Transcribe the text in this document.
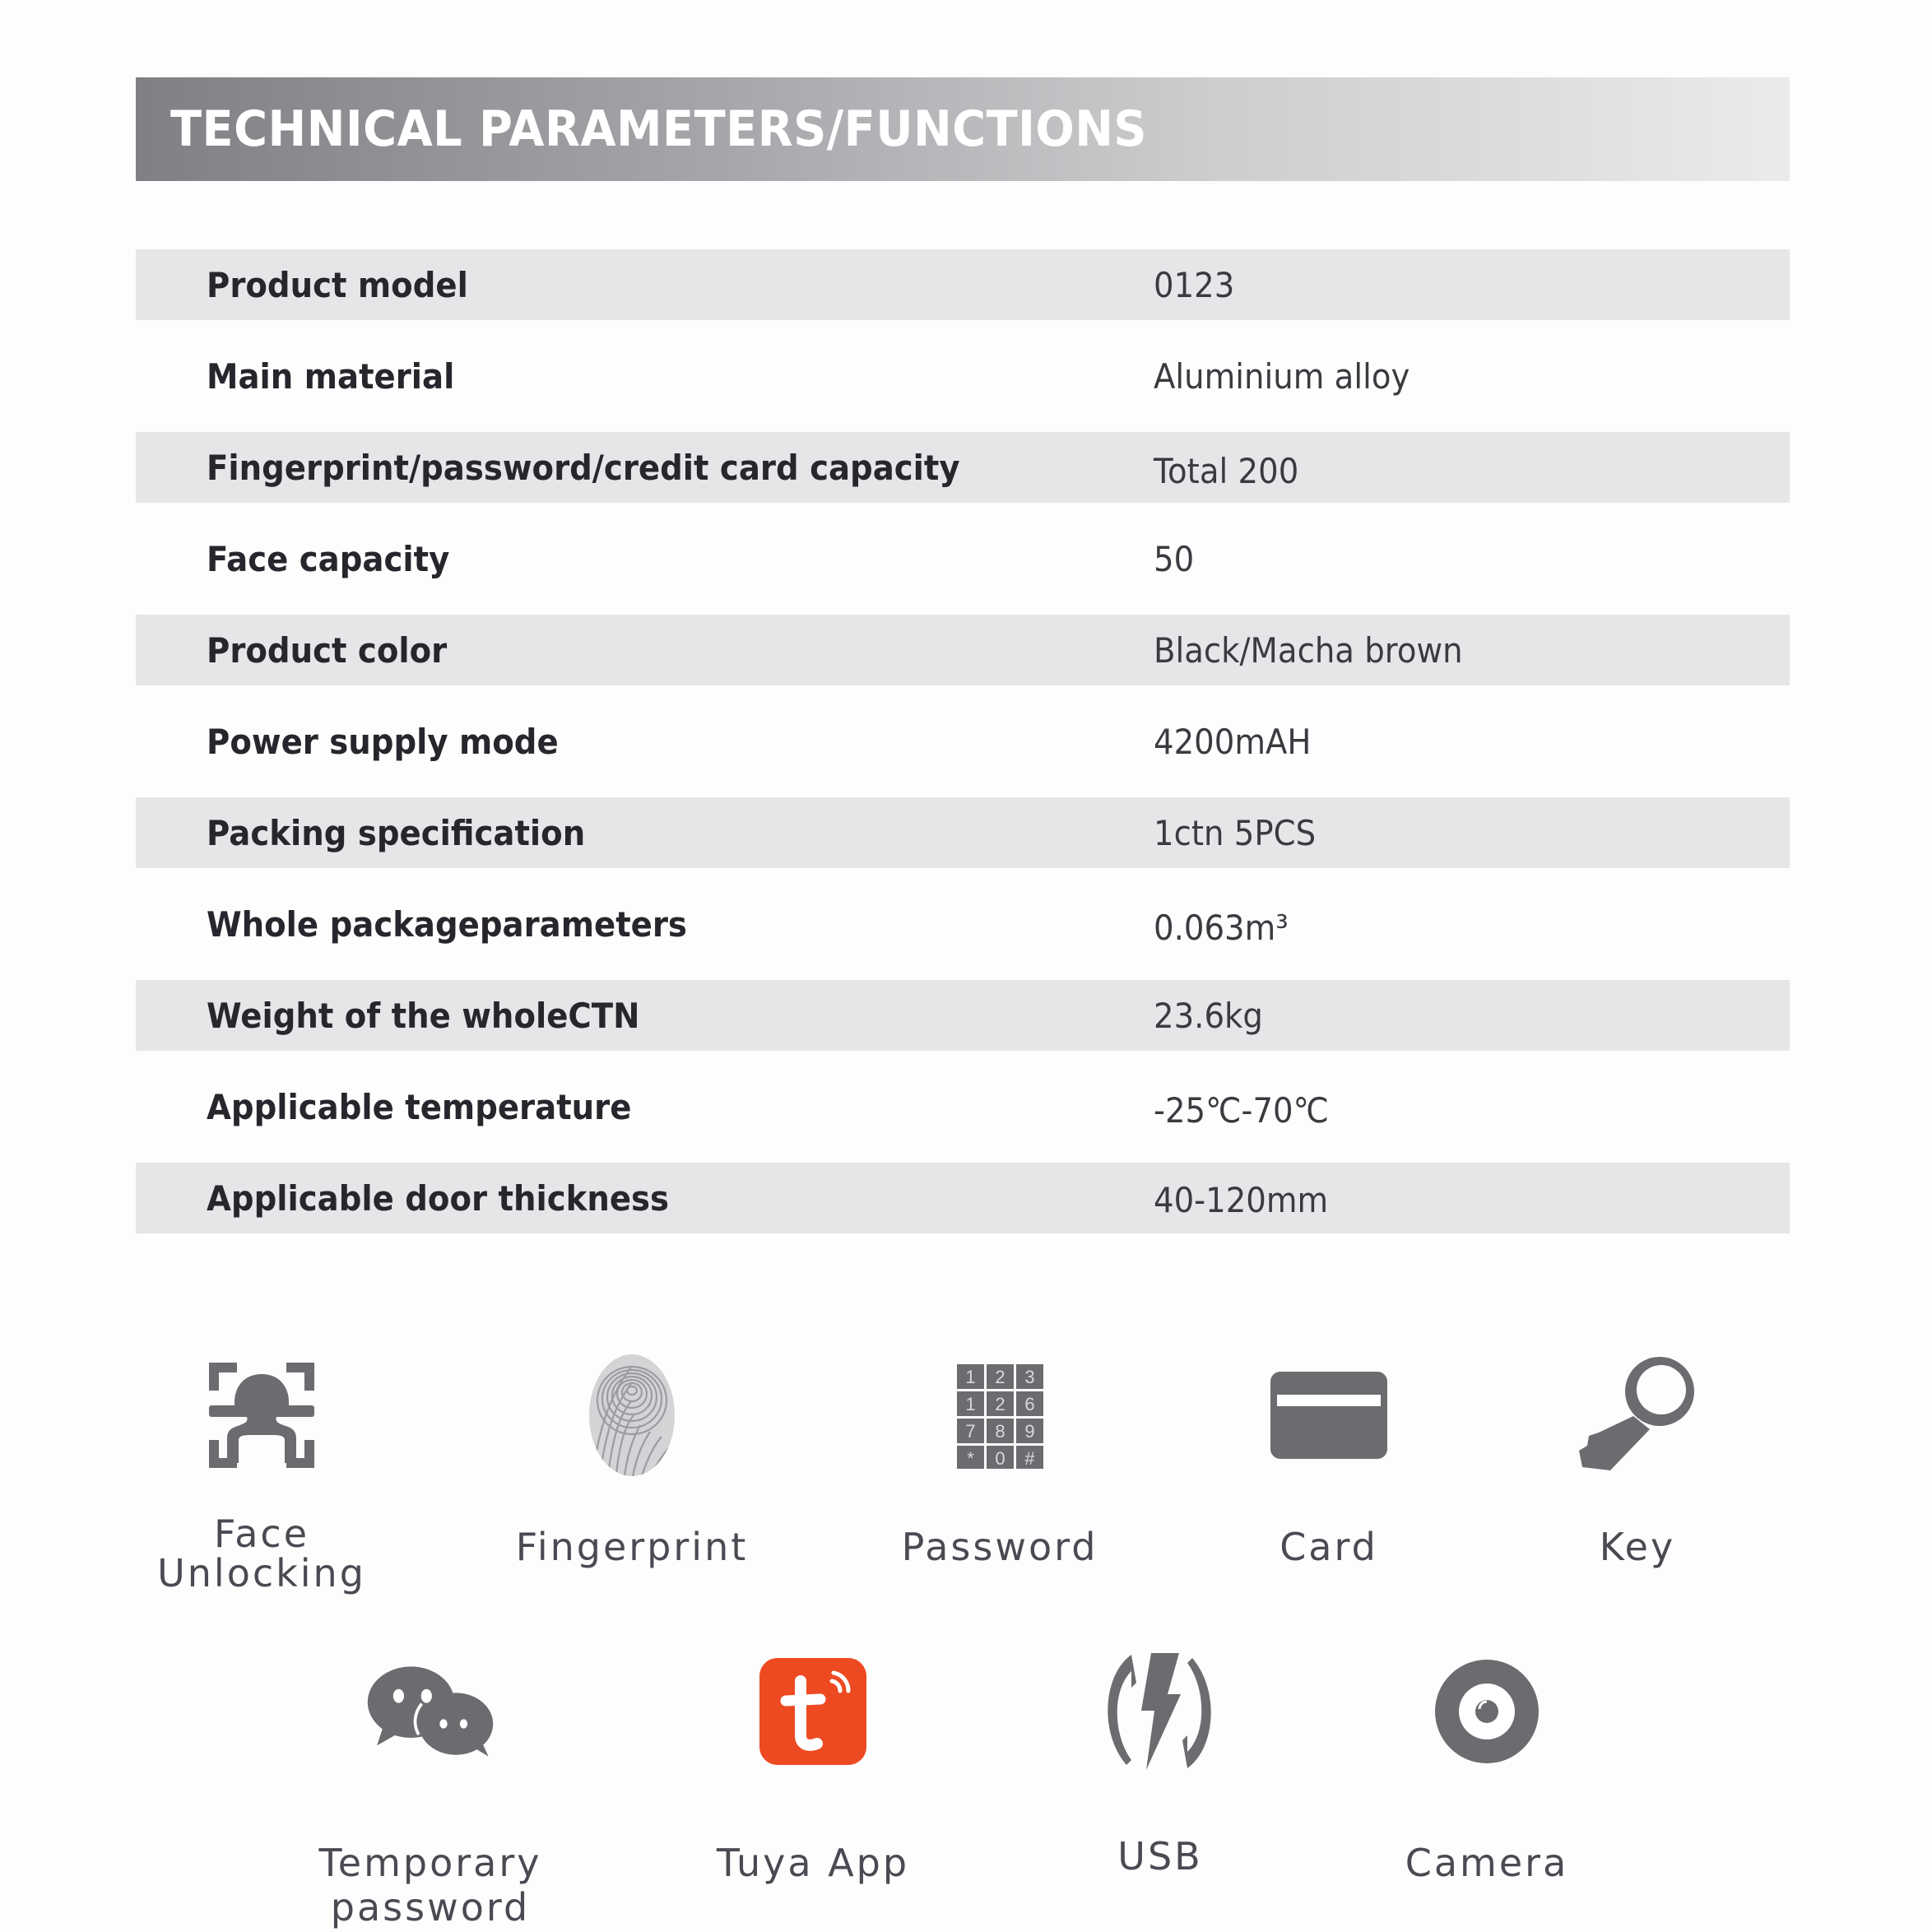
TECHNICAL PARAMETERS/FUNCTIONS
Product model	0123
Main material	Aluminium alloy
Fingerprint/password/credit card capacity	Total 200
Face capacity	50
Product color	Black/Macha brown
Power supply mode	4200mAH
Packing specification	1ctn 5PCS
Whole packageparameters	0.063m³
Weight of the wholeCTN	23.6kg
Applicable temperature	-25℃-70℃
Applicable door thickness	40-120mm
Face
Unlocking
Fingerprint
1 2 3
1 2 6
7 8 9
* 0 #
Password	Card	Key
Temporary
password
Tuya App	USB	Camera
